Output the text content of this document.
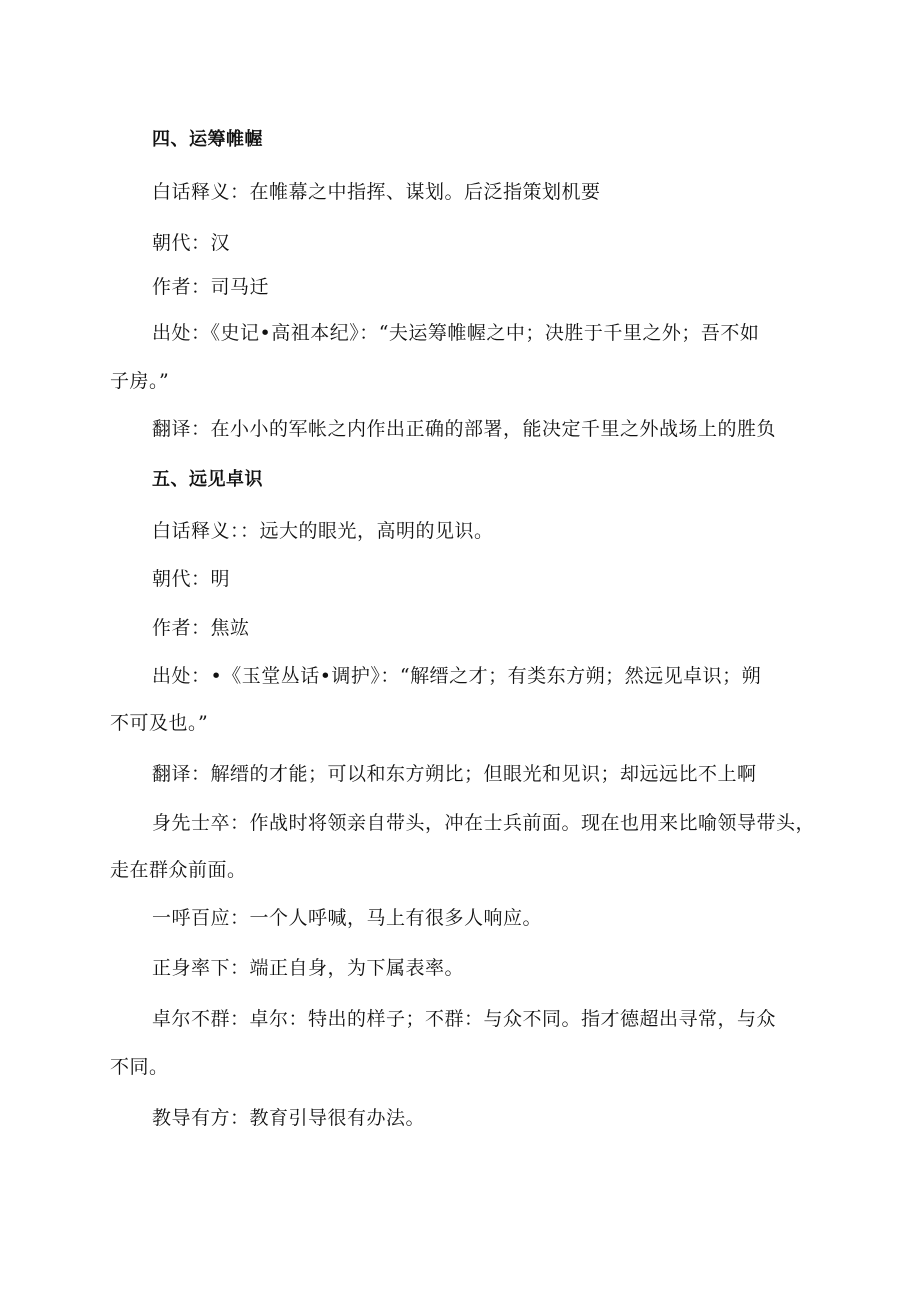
四、运筹帷幄
白话释义：在帷幕之中指挥、谋划。后泛指策划机要
朝代：汉
作者：司马迁
出处：《史记•高祖本纪》：“夫运筹帷幄之中；决胜于千里之外；吾不如
子房。”
翻译：在小小的军帐之内作出正确的部署，能决定千里之外战场上的胜负
五、远见卓识
白话释义：：远大的眼光，高明的见识。
朝代：明
作者：焦竑
出处：•《玉堂丛话•调护》：“解缙之才；有类东方朔；然远见卓识；朔
不可及也。”
翻译：解缙的才能；可以和东方朔比；但眼光和见识；却远远比不上啊
身先士卒：作战时将领亲自带头，冲在士兵前面。现在也用来比喻领导带头，
走在群众前面。
一呼百应：一个人呼喊，马上有很多人响应。
正身率下：端正自身，为下属表率。
卓尔不群：卓尔：特出的样子；不群：与众不同。指才德超出寻常，与众
不同。
教导有方：教育引导很有办法。
